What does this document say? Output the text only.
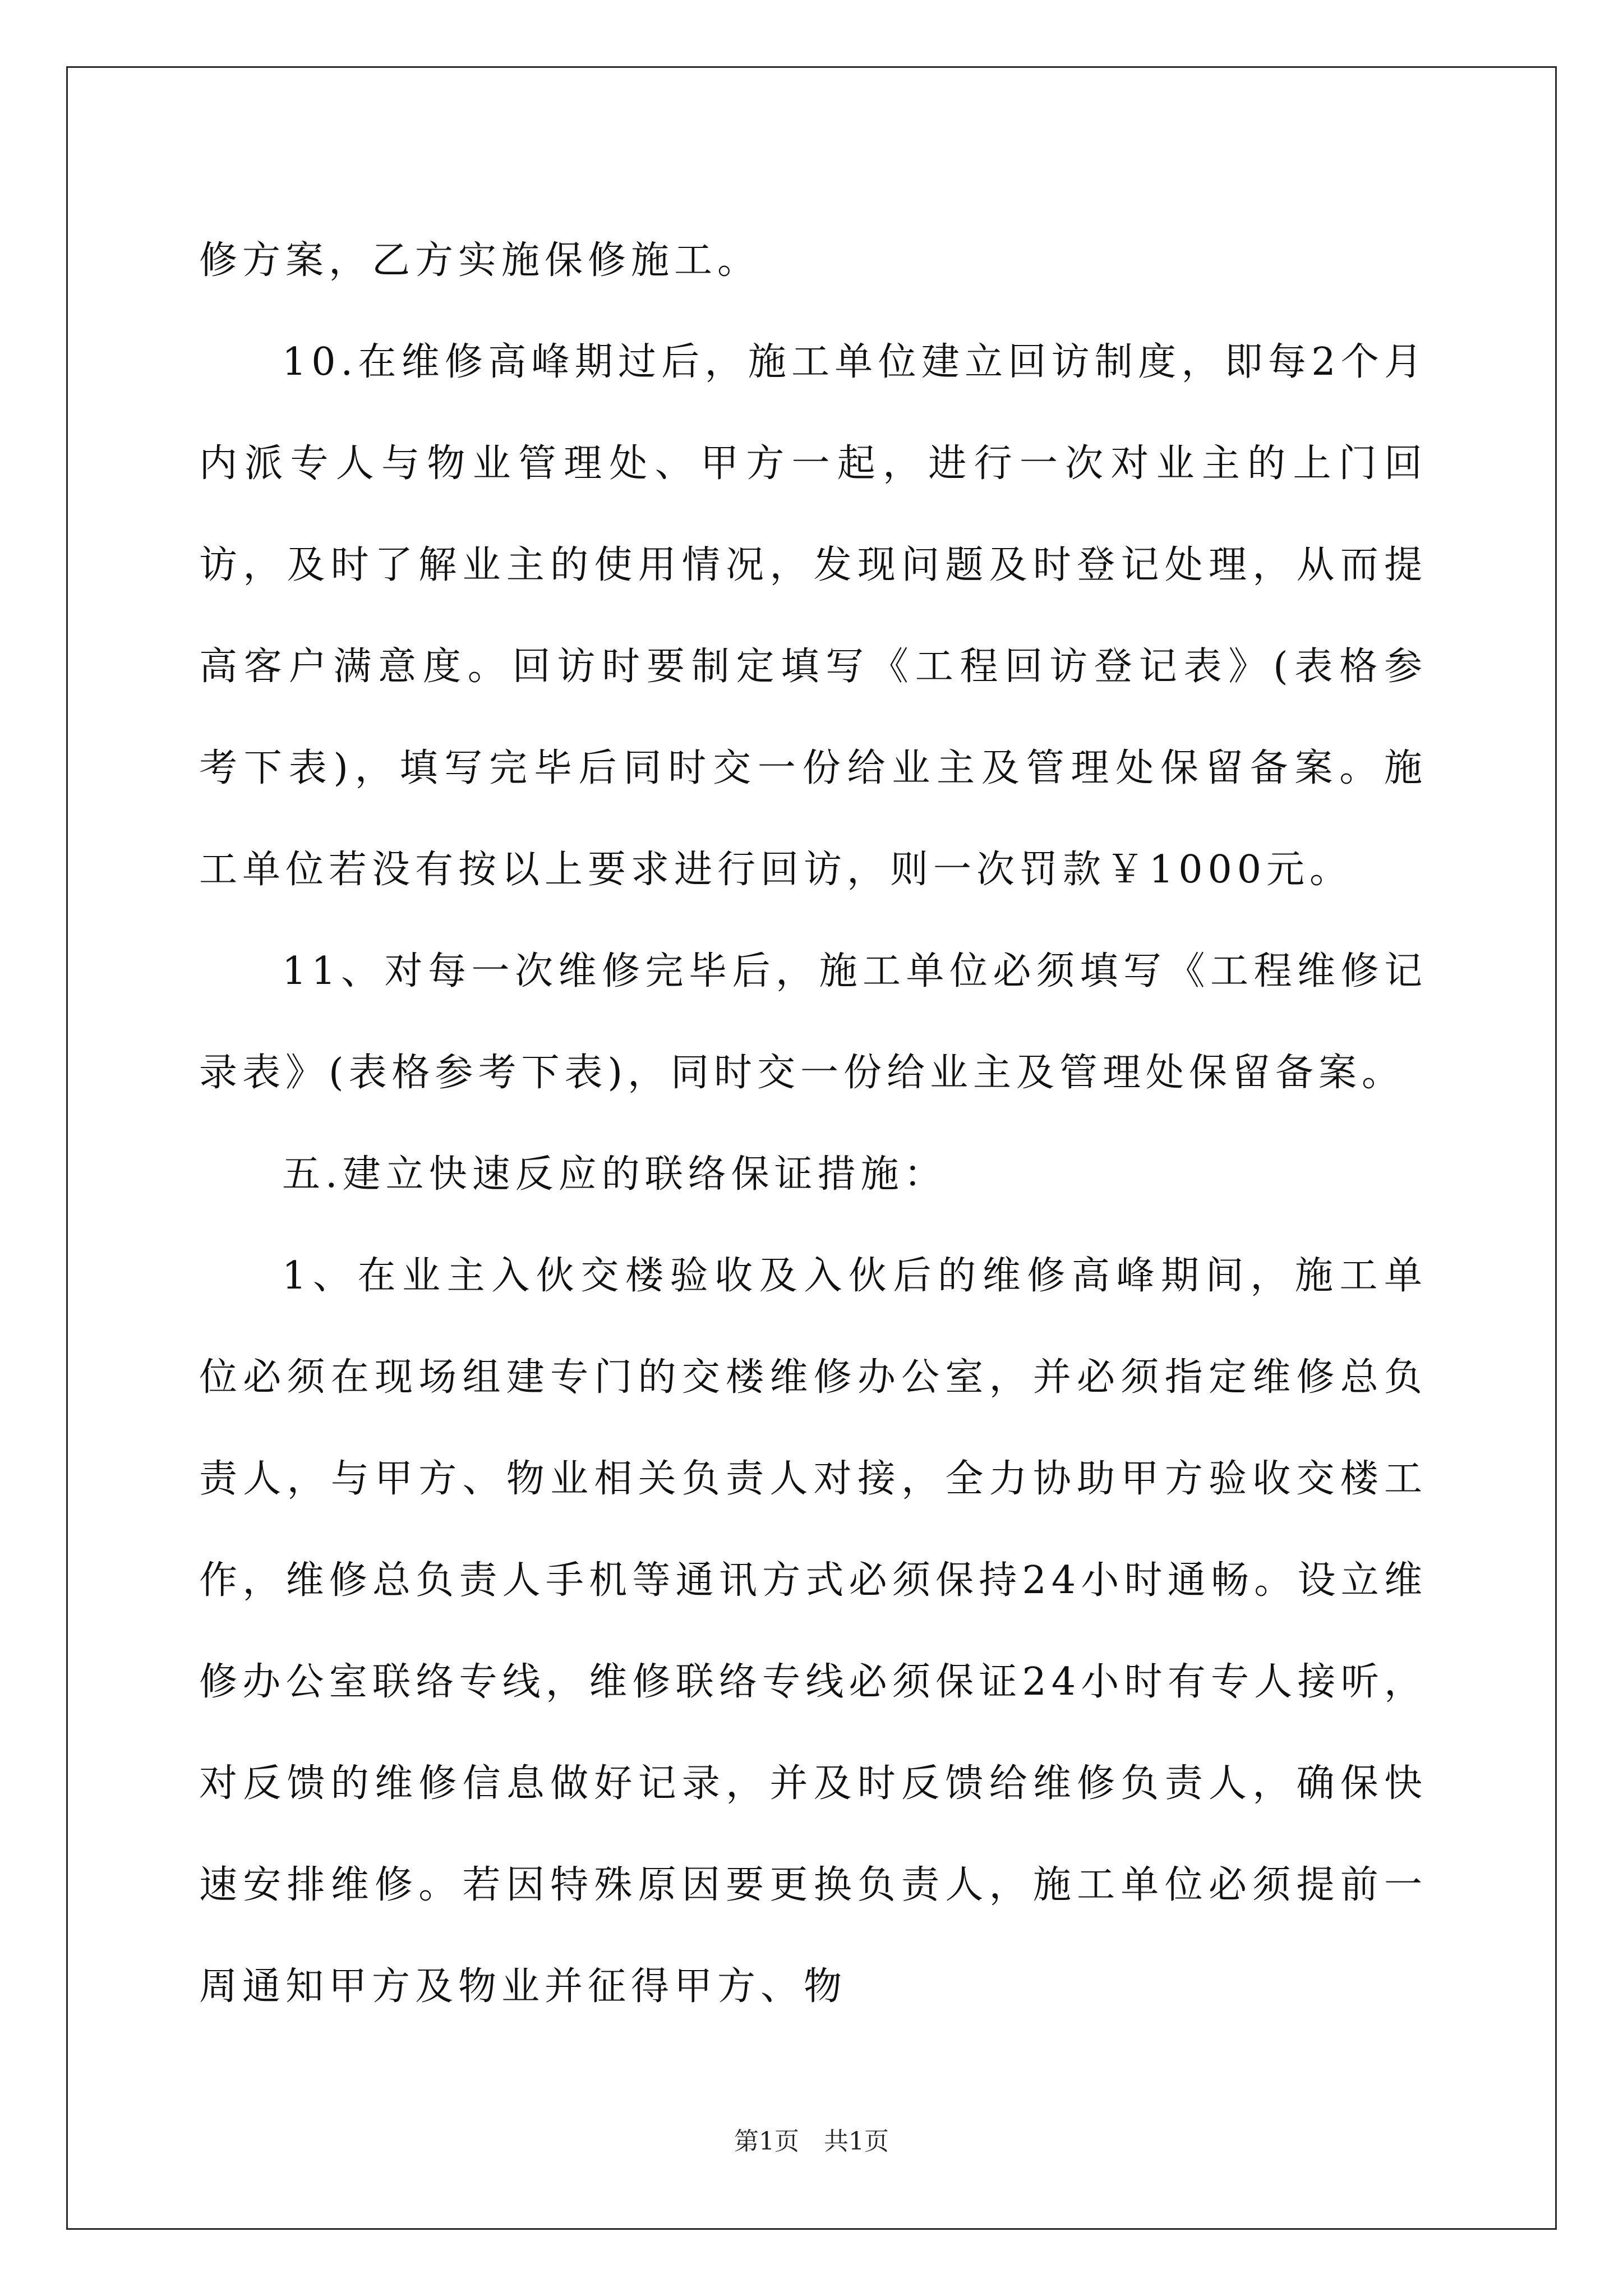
修方案，乙方实施保修施工。

10.在维修高峰期过后，施工单位建立回访制度，即每2个月内派专人与物业管理处、甲方一起，进行一次对业主的上门回访，及时了解业主的使用情况，发现问题及时登记处理，从而提高客户满意度。回访时要制定填写《工程回访登记表》(表格参考下表)，填写完毕后同时交一份给业主及管理处保留备案。施工单位若没有按以上要求进行回访，则一次罚款￥1000元。

11、对每一次维修完毕后，施工单位必须填写《工程维修记录表》(表格参考下表)，同时交一份给业主及管理处保留备案。

五.建立快速反应的联络保证措施：

1、在业主入伙交楼验收及入伙后的维修高峰期间，施工单位必须在现场组建专门的交楼维修办公室，并必须指定维修总负责人，与甲方、物业相关负责人对接，全力协助甲方验收交楼工作，维修总负责人手机等通讯方式必须保持24小时通畅。设立维修办公室联络专线，维修联络专线必须保证24小时有专人接听，对反馈的维修信息做好记录，并及时反馈给维修负责人，确保快速安排维修。若因特殊原因要更换负责人，施工单位必须提前一周通知甲方及物业并征得甲方、物

第1页 共1页
